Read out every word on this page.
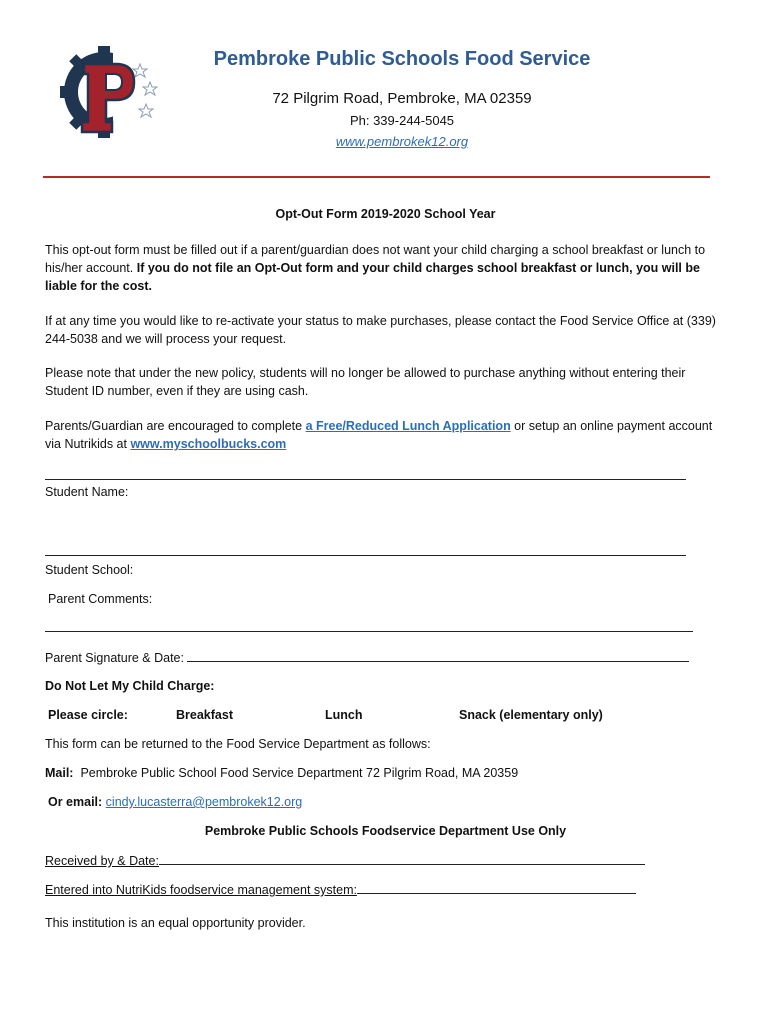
Pembroke Public Schools Food Service
72 Pilgrim Road, Pembroke, MA 02359
Ph: 339-244-5045
www.pembrokek12.org
Opt-Out Form 2019-2020 School Year
This opt-out form must be filled out if a parent/guardian does not want your child charging a school breakfast or lunch to his/her account. If you do not file an Opt-Out form and your child charges school breakfast or lunch, you will be liable for the cost.
If at any time you would like to re-activate your status to make purchases, please contact the Food Service Office at (339) 244-5038 and we will process your request.
Please note that under the new policy, students will no longer be allowed to purchase anything without entering their Student ID number, even if they are using cash.
Parents/Guardian are encouraged to complete a Free/Reduced Lunch Application or setup an online payment account via Nutrikids at www.myschoolbucks.com
Student Name:
Student School:
Parent Comments:
Parent Signature & Date:
Do Not Let My Child Charge:
Please circle:	Breakfast	Lunch	Snack (elementary only)
This form can be returned to the Food Service Department as follows:
Mail: Pembroke Public School Food Service Department 72 Pilgrim Road, MA 20359
Or email: cindy.lucasterra@pembrokek12.org
Pembroke Public Schools Foodservice Department Use Only
Received by & Date:
Entered into NutriKids foodservice management system:
This institution is an equal opportunity provider.
